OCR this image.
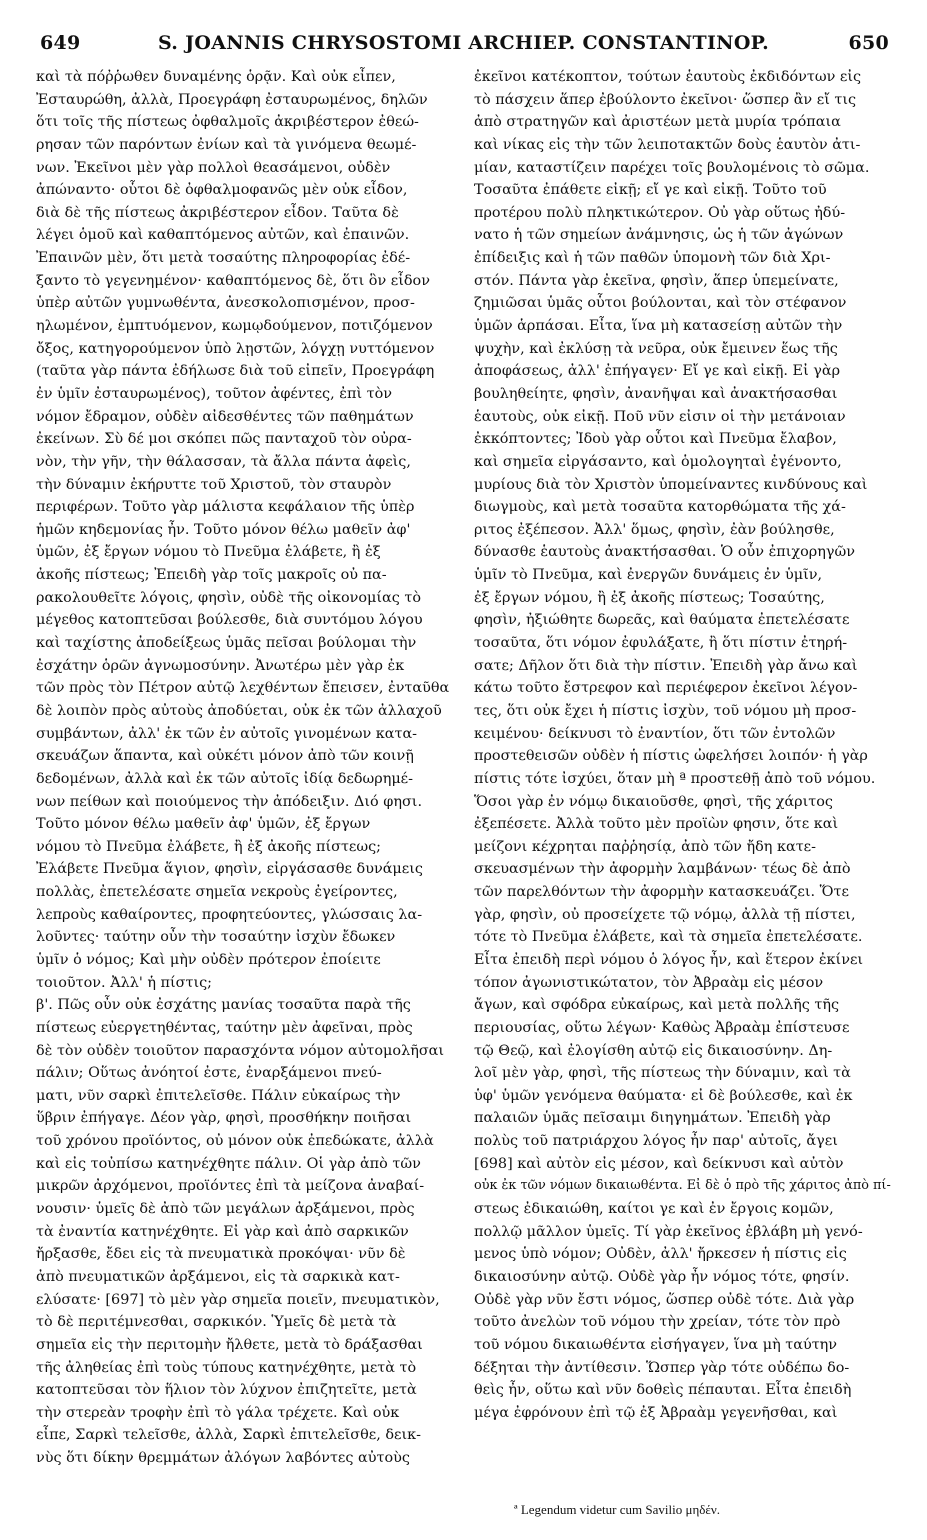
649	S. JOANNIS CHRYSOSTOMI ARCHIEP. CONSTANTINOP.	650
καὶ τὰ πόῤῥωθεν δυναμένης ὁρᾷν. Καὶ οὐκ εἶπεν,
Ἐσταυρώθη, ἀλλὰ, Προεγράφη ἐσταυρωμένος, δηλῶν
ὅτι τοῖς τῆς πίστεως ὀφθαλμοῖς ἀκριβέστερον ἐθεώ-
ρησαν τῶν παρόντων ἐνίων καὶ τὰ γινόμενα θεωμέ-
νων. Ἐκεῖνοι μὲν γὰρ πολλοὶ θεασάμενοι, οὐδὲν
ἀπώναντο· οὗτοι δὲ ὀφθαλμοφανῶς μὲν οὐκ εἶδον,
διὰ δὲ τῆς πίστεως ἀκριβέστερον εἶδον. Ταῦτα δὲ
λέγει ὁμοῦ καὶ καθαπτόμενος αὐτῶν, καὶ ἐπαινῶν.
Ἐπαινῶν μὲν, ὅτι μετὰ τοσαύτης πληροφορίας ἐδέ-
ξαντο τὸ γεγενημένον· καθαπτόμενος δὲ, ὅτι ὃν εἶδον
ὑπὲρ αὐτῶν γυμνωθέντα, ἀνεσκολοπισμένον, προσ-
ηλωμένον, ἐμπτυόμενον, κωμῳδούμενον, ποτιζόμενον
ὄξος, κατηγορούμενον ὑπὸ λῃστῶν, λόγχῃ νυττόμενον
(ταῦτα γὰρ πάντα ἐδήλωσε διὰ τοῦ εἰπεῖν, Προεγράφη
ἐν ὑμῖν ἐσταυρωμένος), τοῦτον ἀφέντες, ἐπὶ τὸν
νόμον ἔδραμον, οὐδὲν αἰδεσθέντες τῶν παθημάτων
ἐκείνων. Σὺ δέ μοι σκόπει πῶς πανταχοῦ τὸν οὐρα-
νὸν, τὴν γῆν, τὴν θάλασσαν, τὰ ἄλλα πάντα ἀφεὶς,
τὴν δύναμιν ἐκήρυττε τοῦ Χριστοῦ, τὸν σταυρὸν
περιφέρων. Τοῦτο γὰρ μάλιστα κεφάλαιον τῆς ὑπὲρ
ἡμῶν κηδεμονίας ἦν. Τοῦτο μόνον θέλω μαθεῖν ἀφ'
ὑμῶν, ἐξ ἔργων νόμου τὸ Πνεῦμα ἐλάβετε, ἢ ἐξ
ἀκοῆς πίστεως; Ἐπειδὴ γὰρ τοῖς μακροῖς οὐ πα-
ρακολουθεῖτε λόγοις, φησὶν, οὐδὲ τῆς οἰκονομίας τὸ
μέγεθος κατοπτεῦσαι βούλεσθε, διὰ συντόμου λόγου
καὶ ταχίστης ἀποδείξεως ὑμᾶς πεῖσαι βούλομαι τὴν
ἐσχάτην ὁρῶν ἀγνωμοσύνην. Ἀνωτέρω μὲν γὰρ ἐκ
τῶν πρὸς τὸν Πέτρον αὐτῷ λεχθέντων ἔπεισεν, ἐνταῦθα
δὲ λοιπὸν πρὸς αὐτοὺς ἀποδύεται, οὐκ ἐκ τῶν ἀλλαχοῦ
συμβάντων, ἀλλ' ἐκ τῶν ἐν αὐτοῖς γινομένων κατα-
σκευάζων ἅπαντα, καὶ οὐκέτι μόνον ἀπὸ τῶν κοινῇ
δεδομένων, ἀλλὰ καὶ ἐκ τῶν αὐτοῖς ἰδίᾳ δεδωρημέ-
νων πείθων καὶ ποιούμενος τὴν ἀπόδειξιν. Διό φησι.
Τοῦτο μόνον θέλω μαθεῖν ἀφ' ὑμῶν, ἐξ ἔργων
νόμου τὸ Πνεῦμα ἐλάβετε, ἢ ἐξ ἀκοῆς πίστεως;
Ἐλάβετε Πνεῦμα ἅγιον, φησὶν, εἰργάσασθε δυνάμεις
πολλὰς, ἐπετελέσατε σημεῖα νεκροὺς ἐγείροντες,
λεπροὺς καθαίροντες, προφητεύοντες, γλώσσαις λα-
λοῦντες· ταύτην οὖν τὴν τοσαύτην ἰσχὺν ἔδωκεν
ὑμῖν ὁ νόμος; Καὶ μὴν οὐδὲν πρότερον ἐποίειτε
τοιοῦτον. Ἀλλ' ἡ πίστις;
β'. Πῶς οὖν οὐκ ἐσχάτης μανίας τοσαῦτα παρὰ τῆς
πίστεως εὐεργετηθέντας, ταύτην μὲν ἀφεῖναι, πρὸς
δὲ τὸν οὐδὲν τοιοῦτον παρασχόντα νόμον αὐτομολῆσαι
πάλιν; Οὕτως ἀνόητοί ἐστε, ἐναρξάμενοι πνεύ-
ματι, νῦν σαρκὶ ἐπιτελεῖσθε. Πάλιν εὐκαίρως τὴν
ὕβριν ἐπήγαγε. Δέον γὰρ, φησὶ, προσθήκην ποιῆσαι
τοῦ χρόνου προϊόντος, οὐ μόνον οὐκ ἐπεδώκατε, ἀλλὰ
καὶ εἰς τοὐπίσω κατηνέχθητε πάλιν. Οἱ γὰρ ἀπὸ τῶν
μικρῶν ἀρχόμενοι, προϊόντες ἐπὶ τὰ μείζονα ἀναβαί-
νουσιν· ὑμεῖς δὲ ἀπὸ τῶν μεγάλων ἀρξάμενοι, πρὸς
τὰ ἐναντία κατηνέχθητε. Εἰ γὰρ καὶ ἀπὸ σαρκικῶν
ἤρξασθε, ἔδει εἰς τὰ πνευματικὰ προκόψαι· νῦν δὲ
ἀπὸ πνευματικῶν ἀρξάμενοι, εἰς τὰ σαρκικὰ κατ-
ελύσατε· [697] τὸ μὲν γὰρ σημεῖα ποιεῖν, πνευματικὸν,
τὸ δὲ περιτέμνεσθαι, σαρκικόν. Ὑμεῖς δὲ μετὰ τὰ
σημεῖα εἰς τὴν περιτομὴν ἤλθετε, μετὰ τὸ δράξασθαι
τῆς ἀληθείας ἐπὶ τοὺς τύπους κατηνέχθητε, μετὰ τὸ
κατοπτεῦσαι τὸν ἥλιον τὸν λύχνον ἐπιζητεῖτε, μετὰ
τὴν στερεὰν τροφὴν ἐπὶ τὸ γάλα τρέχετε. Καὶ οὐκ
εἶπε, Σαρκὶ τελεῖσθε, ἀλλὰ, Σαρκὶ ἐπιτελεῖσθε, δεικ-
νὺς ὅτι δίκην θρεμμάτων ἀλόγων λαβόντες αὐτοὺς
ἐκεῖνοι κατέκοπτον, τούτων ἑαυτοὺς ἐκδιδόντων εἰς
τὸ πάσχειν ἅπερ ἐβούλοντο ἐκεῖνοι· ὥσπερ ἂν εἴ τις
ἀπὸ στρατηγῶν καὶ ἀριστέων μετὰ μυρία τρόπαια
καὶ νίκας εἰς τὴν τῶν λειποτακτῶν δοὺς ἑαυτὸν ἀτι-
μίαν, καταστίζειν παρέχει τοῖς βουλομένοις τὸ σῶμα.
Τοσαῦτα ἐπάθετε εἰκῇ; εἴ γε καὶ εἰκῇ. Τοῦτο τοῦ
προτέρου πολὺ πληκτικώτερον. Οὐ γὰρ οὕτως ἠδύ-
νατο ἡ τῶν σημείων ἀνάμνησις, ὡς ἡ τῶν ἀγώνων
ἐπίδειξις καὶ ἡ τῶν παθῶν ὑπομονὴ τῶν διὰ Χρι-
στόν. Πάντα γὰρ ἐκεῖνα, φησὶν, ἅπερ ὑπεμείνατε,
ζημιῶσαι ὑμᾶς οὗτοι βούλονται, καὶ τὸν στέφανον
ὑμῶν ἁρπάσαι. Εἶτα, ἵνα μὴ κατασείσῃ αὐτῶν τὴν
ψυχὴν, καὶ ἐκλύσῃ τὰ νεῦρα, οὐκ ἔμεινεν ἕως τῆς
ἀποφάσεως, ἀλλ' ἐπήγαγεν· Εἴ γε καὶ εἰκῇ. Εἰ γὰρ
βουληθείητε, φησὶν, ἀνανῆψαι καὶ ἀνακτήσασθαι
ἑαυτοὺς, οὐκ εἰκῇ. Ποῦ νῦν εἰσιν οἱ τὴν μετάνοιαν
ἐκκόπτοντες; Ἰδοὺ γὰρ οὗτοι καὶ Πνεῦμα ἔλαβον,
καὶ σημεῖα εἰργάσαντο, καὶ ὁμολογηταὶ ἐγένοντο,
μυρίους διὰ τὸν Χριστὸν ὑπομείναντες κινδύνους καὶ
διωγμοὺς, καὶ μετὰ τοσαῦτα κατορθώματα τῆς χά-
ριτος ἐξέπεσον. Ἀλλ' ὅμως, φησὶν, ἐὰν βούλησθε,
δύνασθε ἑαυτοὺς ἀνακτήσασθαι. Ὁ οὖν ἐπιχορηγῶν
ὑμῖν τὸ Πνεῦμα, καὶ ἐνεργῶν δυνάμεις ἐν ὑμῖν,
ἐξ ἔργων νόμου, ἢ ἐξ ἀκοῆς πίστεως; Τοσαύτης,
φησὶν, ἠξιώθητε δωρεᾶς, καὶ θαύματα ἐπετελέσατε
τοσαῦτα, ὅτι νόμον ἐφυλάξατε, ἢ ὅτι πίστιν ἐτηρή-
σατε; Δῆλον ὅτι διὰ τὴν πίστιν. Ἐπειδὴ γὰρ ἄνω καὶ
κάτω τοῦτο ἔστρεφον καὶ περιέφερον ἐκεῖνοι λέγον-
τες, ὅτι οὐκ ἔχει ἡ πίστις ἰσχὺν, τοῦ νόμου μὴ προσ-
κειμένου· δείκνυσι τὸ ἐναντίον, ὅτι τῶν ἐντολῶν
προστεθεισῶν οὐδὲν ἡ πίστις ὠφελήσει λοιπόν· ἡ γὰρ
πίστις τότε ἰσχύει, ὅταν μὴ ª προστεθῇ ἀπὸ τοῦ νόμου.
Ὅσοι γὰρ ἐν νόμῳ δικαιοῦσθε, φησὶ, τῆς χάριτος
ἐξεπέσετε. Ἀλλὰ τοῦτο μὲν προϊὼν φησιν, ὅτε καὶ
μείζονι κέχρηται παῤῥησίᾳ, ἀπὸ τῶν ἤδη κατε-
σκευασμένων τὴν ἀφορμὴν λαμβάνων· τέως δὲ ἀπὸ
τῶν παρελθόντων τὴν ἀφορμὴν κατασκευάζει. Ὅτε
γὰρ, φησὶν, οὐ προσείχετε τῷ νόμῳ, ἀλλὰ τῇ πίστει,
τότε τὸ Πνεῦμα ἐλάβετε, καὶ τὰ σημεῖα ἐπετελέσατε.
Εἶτα ἐπειδὴ περὶ νόμου ὁ λόγος ἦν, καὶ ἕτερον ἐκίνει
τόπον ἀγωνιστικώτατον, τὸν Ἀβραὰμ εἰς μέσον
ἄγων, καὶ σφόδρα εὐκαίρως, καὶ μετὰ πολλῆς τῆς
περιουσίας, οὕτω λέγων· Καθὼς Ἀβραὰμ ἐπίστευσε
τῷ Θεῷ, καὶ ἐλογίσθη αὐτῷ εἰς δικαιοσύνην. Δη-
λοῖ μὲν γὰρ, φησὶ, τῆς πίστεως τὴν δύναμιν, καὶ τὰ
ὑφ' ὑμῶν γενόμενα θαύματα· εἰ δὲ βούλεσθε, καὶ ἐκ
παλαιῶν ὑμᾶς πεῖσαιμι διηγημάτων. Ἐπειδὴ γὰρ
πολὺς τοῦ πατριάρχου λόγος ἦν παρ' αὐτοῖς, ἄγει
[698] καὶ αὐτὸν εἰς μέσον, καὶ δείκνυσι καὶ αὐτὸν
οὐκ ἐκ τῶν νόμων δικαιωθέντα. Εἰ δὲ ὁ πρὸ τῆς χάριτος ἀπὸ πί-
στεως ἐδικαιώθη, καίτοι γε καὶ ἐν ἔργοις κομῶν,
πολλῷ μᾶλλον ὑμεῖς. Τί γὰρ ἐκεῖνος ἐβλάβη μὴ γενό-
μενος ὑπὸ νόμον; Οὐδὲν, ἀλλ' ἤρκεσεν ἡ πίστις εἰς
δικαιοσύνην αὐτῷ. Οὐδὲ γὰρ ἦν νόμος τότε, φησίν.
Οὐδὲ γὰρ νῦν ἔστι νόμος, ὥσπερ οὐδὲ τότε. Διὰ γὰρ
τοῦτο ἀνελὼν τοῦ νόμου τὴν χρείαν, τότε τὸν πρὸ
τοῦ νόμου δικαιωθέντα εἰσήγαγεν, ἵνα μὴ ταύτην
δέξηται τὴν ἀντίθεσιν. Ὥσπερ γὰρ τότε οὐδέπω δο-
θεὶς ἦν, οὕτω καὶ νῦν δοθεὶς πέπαυται. Εἶτα ἐπειδὴ
μέγα ἐφρόνουν ἐπὶ τῷ ἐξ Ἀβραὰμ γεγενῆσθαι, καὶ
ª Legendum videtur cum Savilio μηδέν.
